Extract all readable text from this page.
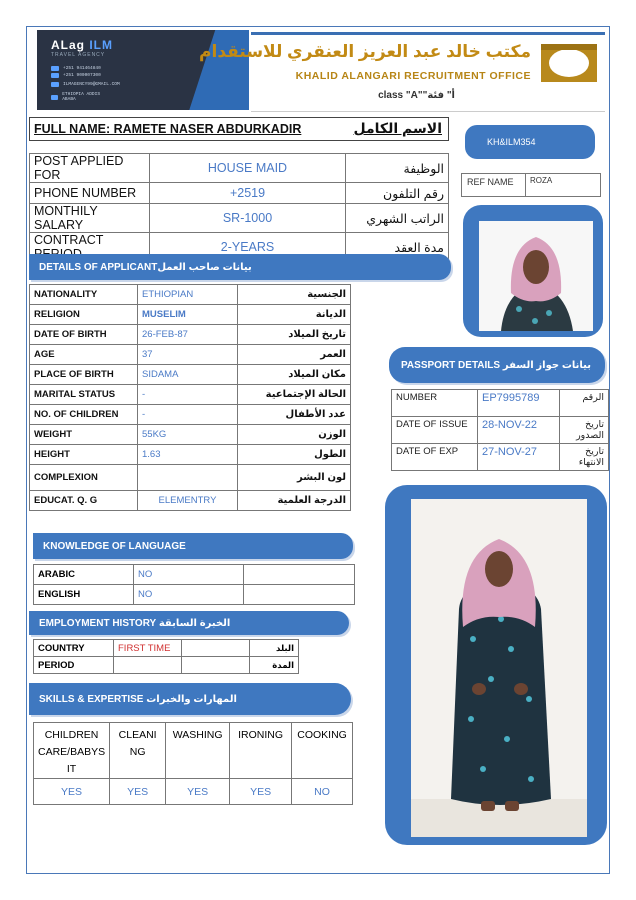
ALag ILM
TRAVEL AGENCY
+251 941464840
+251 900007300
ILMAGENCY99@GMAIL.COM
ETHIOPIA ADDIS ABABA
مكتب خالد عبد العزيز العنقري للاستقدام
KHALID ALANGARI RECRUITMENT OFFICE
class "A""أ" فئة
FULL NAME: RAMETE NASER ABDURKADIR	الاسم الكامل
KH&ILM354
POST APPLIED FOR	HOUSE MAID	الوظيفة
PHONE NUMBER	+2519	رقم التلفون
MONTHILY SALARY	SR-1000	الراتب الشهري
CONTRACT	2-YEARS	مدة العقد
REF NAME	ROZA
DETAILS OF APPLICANTبيانات صاحب العمل
NATIONALITY	ETHIOPIAN	الجنسية
RELIGION	MUSELIM	الديانة
DATE OF BIRTH	26-FEB-87	تاريخ الميلاد
AGE	37	العمر
PLACE OF BIRTH	SIDAMA	مكان الميلاد
MARITAL STATUS	-	الحالة الإجتماعية
NO. OF CHILDREN	-	عدد الأطفال
WEIGHT	55KG	الوزن
HEIGHT	1.63	الطول
COMPLEXION		لون البشر
EDUCAT. Q. G	ELEMENTRY	الدرجة العلمية
PASSPORT DETAILS بيانات جواز السفر
NUMBER	EP7995789	الرقم
DATE OF ISSUE	28-NOV-22	تاريخ الصدور
DATE OF EXP	27-NOV-27	تاريخ الانتهاء
KNOWLEDGE OF LANGUAGE
ARABIC	NO	
ENGLISH	NO	
EMPLOYMENT HISTORY الخبرة السابقة
COUNTRY	FIRST TIME		البلد
PERIOD			المدة
SKILLS & EXPERTISE المهارات والخبرات
CHILDREN CARE/BABYS IT	CLEANI NG	WASHING	IRONING	COOKING
YES	YES	YES	YES	NO
